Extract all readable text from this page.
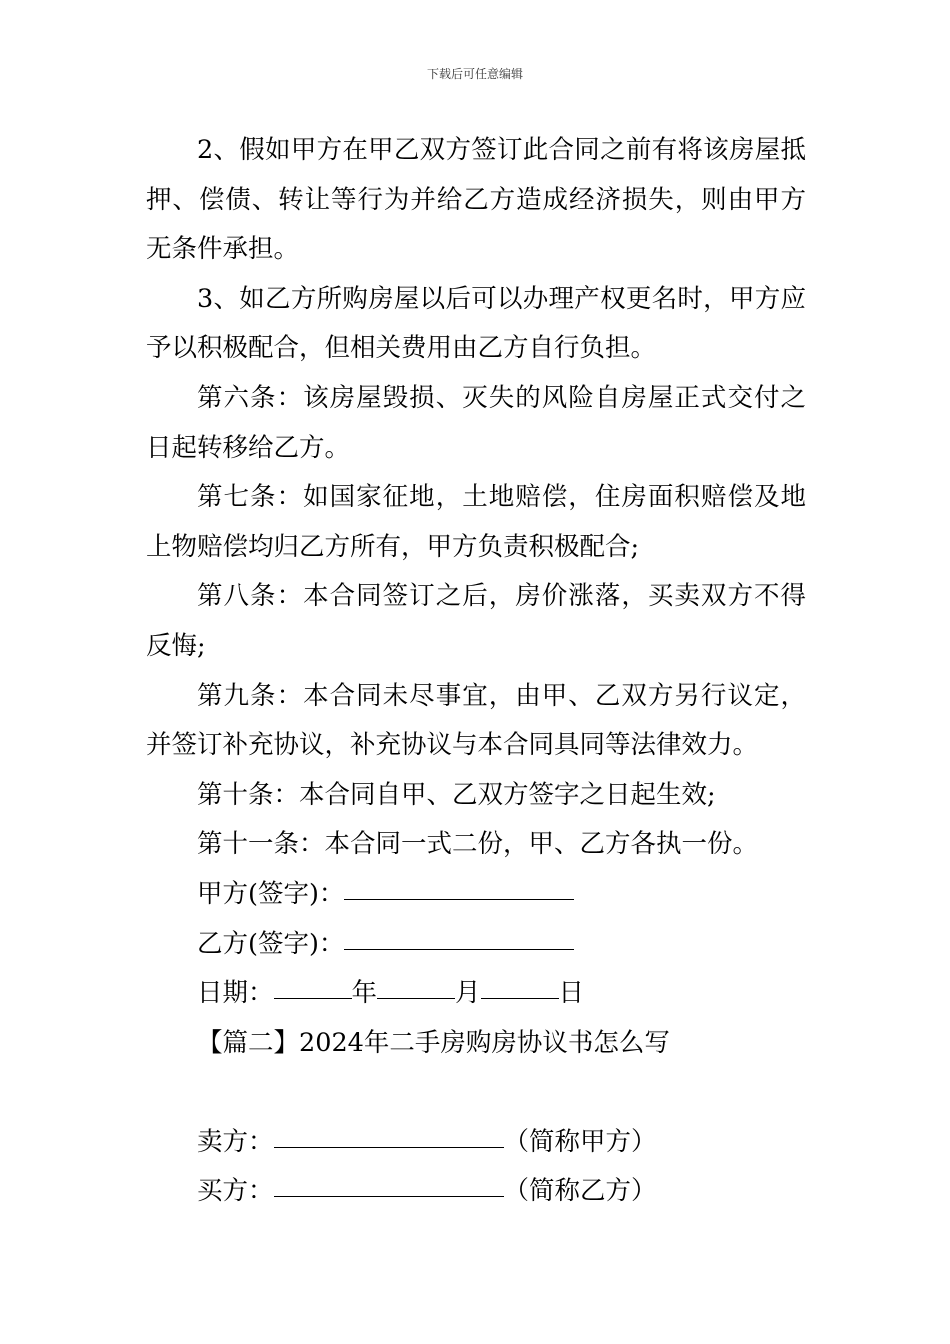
下载后可任意编辑

2、假如甲方在甲乙双方签订此合同之前有将该房屋抵押、偿债、转让等行为并给乙方造成经济损失，则由甲方无条件承担。

3、如乙方所购房屋以后可以办理产权更名时，甲方应予以积极配合，但相关费用由乙方自行负担。

第六条：该房屋毁损、灭失的风险自房屋正式交付之日起转移给乙方。

第七条：如国家征地，土地赔偿，住房面积赔偿及地上物赔偿均归乙方所有，甲方负责积极配合;

第八条：本合同签订之后，房价涨落，买卖双方不得反悔;

第九条：本合同未尽事宜，由甲、乙双方另行议定，并签订补充协议，补充协议与本合同具同等法律效力。

第十条：本合同自甲、乙双方签字之日起生效;

第十一条：本合同一式二份，甲、乙方各执一份。

甲方(签字)：

乙方(签字)：

日期：	年	月	日

【篇二】2024年二手房购房协议书怎么写

卖方：	（简称甲方）

买方：	（简称乙方）
